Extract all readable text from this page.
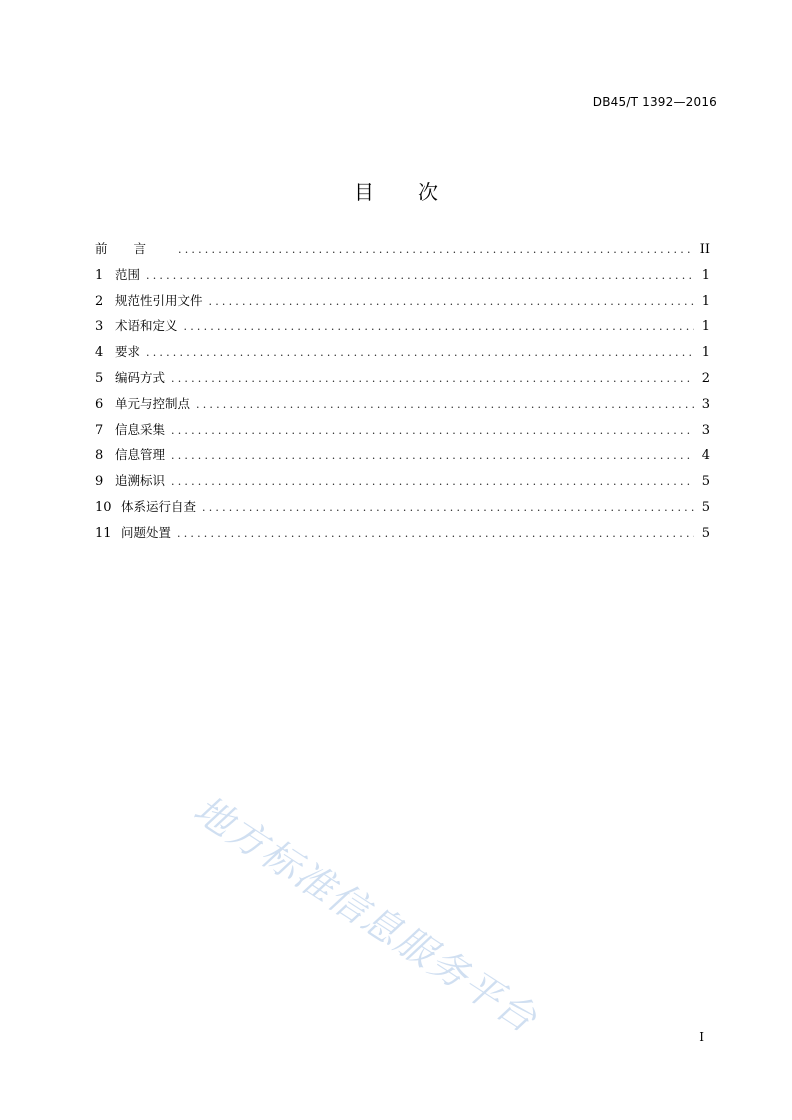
DB45/T 1392—2016
目 次
前言 .....	II
1 范围 .....	1
2 规范性引用文件 .....	1
3 术语和定义 .....	1
4 要求 .....	1
5 编码方式 .....	2
6 单元与控制点 .....	3
7 信息采集 .....	3
8 信息管理 .....	4
9 追溯标识 .....	5
10 体系运行自查 .....	5
11 问题处置 .....	5
地方标准信息服务平台	I
